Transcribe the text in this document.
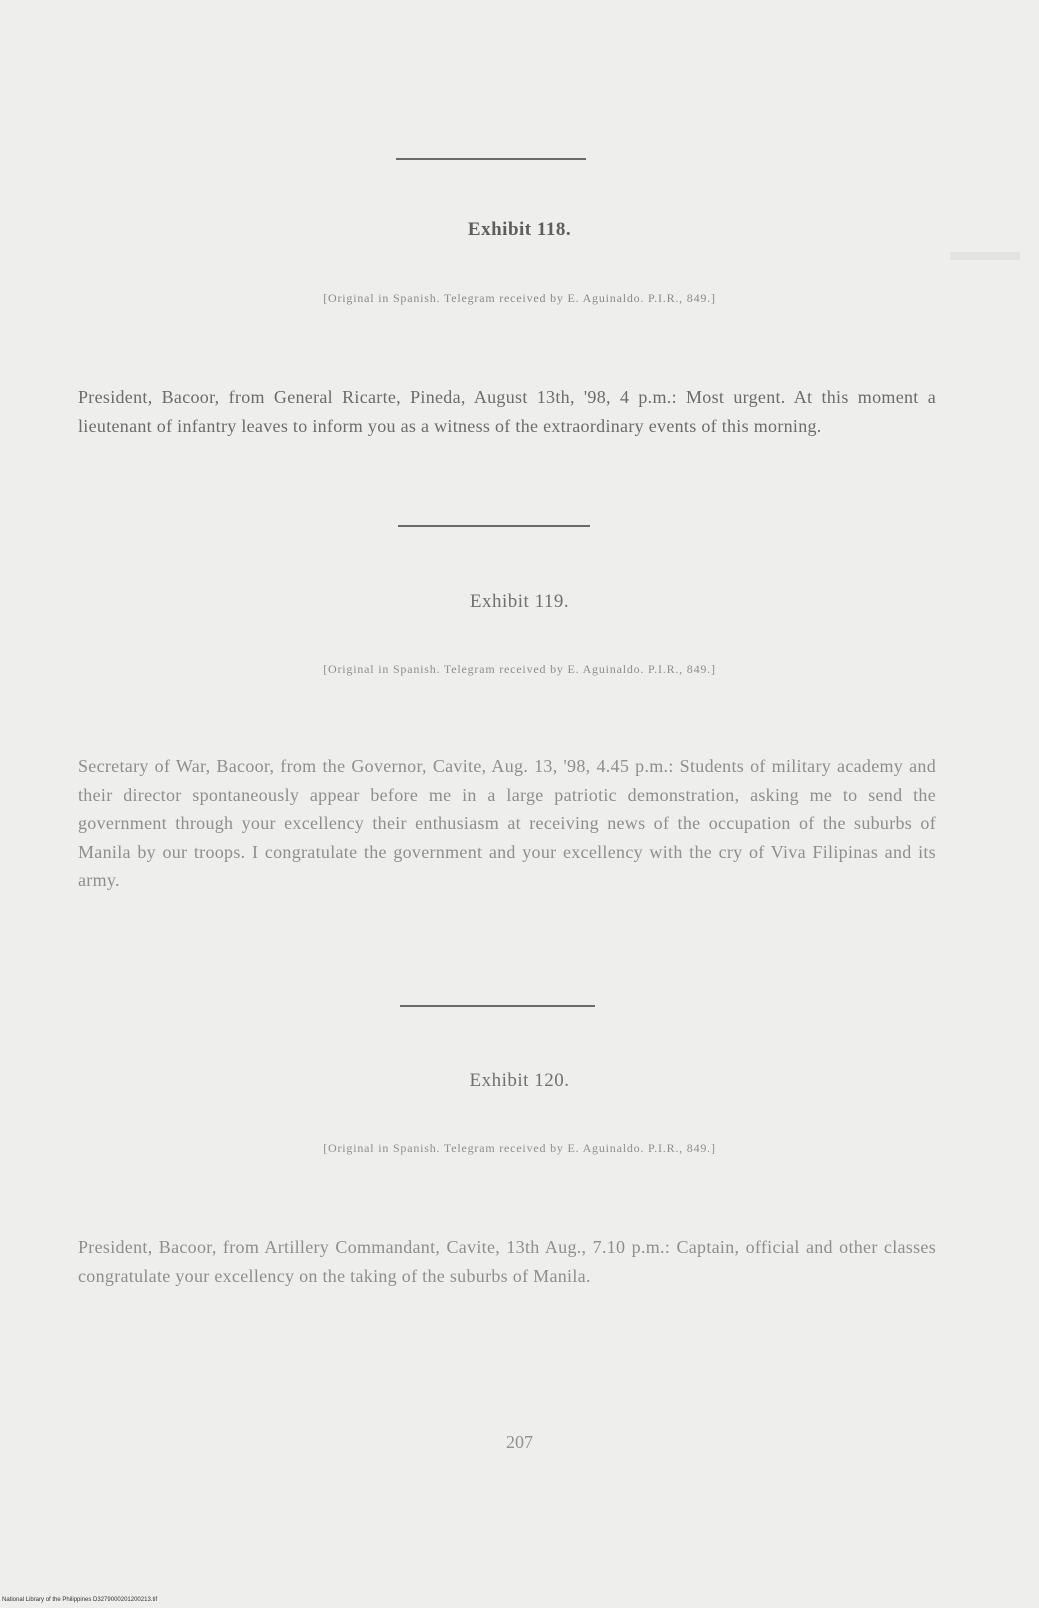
Exhibit 118.
[Original in Spanish. Telegram received by E. Aguinaldo. P.I.R., 849.]
President, Bacoor, from General Ricarte, Pineda, August 13th, '98, 4 p.m.: Most urgent. At this moment a lieutenant of infantry leaves to inform you as a witness of the extraordinary events of this morning.
Exhibit 119.
[Original in Spanish. Telegram received by E. Aguinaldo. P.I.R., 849.]
Secretary of War, Bacoor, from the Governor, Cavite, Aug. 13, '98, 4.45 p.m.: Students of military academy and their director spontaneously appear before me in a large patriotic demonstration, asking me to send the government through your excellency their enthusiasm at receiving news of the occupation of the suburbs of Manila by our troops. I congratulate the government and your excellency with the cry of Viva Filipinas and its army.
Exhibit 120.
[Original in Spanish. Telegram received by E. Aguinaldo. P.I.R., 849.]
President, Bacoor, from Artillery Commandant, Cavite, 13th Aug., 7.10 p.m.: Captain, official and other classes congratulate your excellency on the taking of the suburbs of Manila.
207
National Library of the Philippines D3279000201200213.tif
